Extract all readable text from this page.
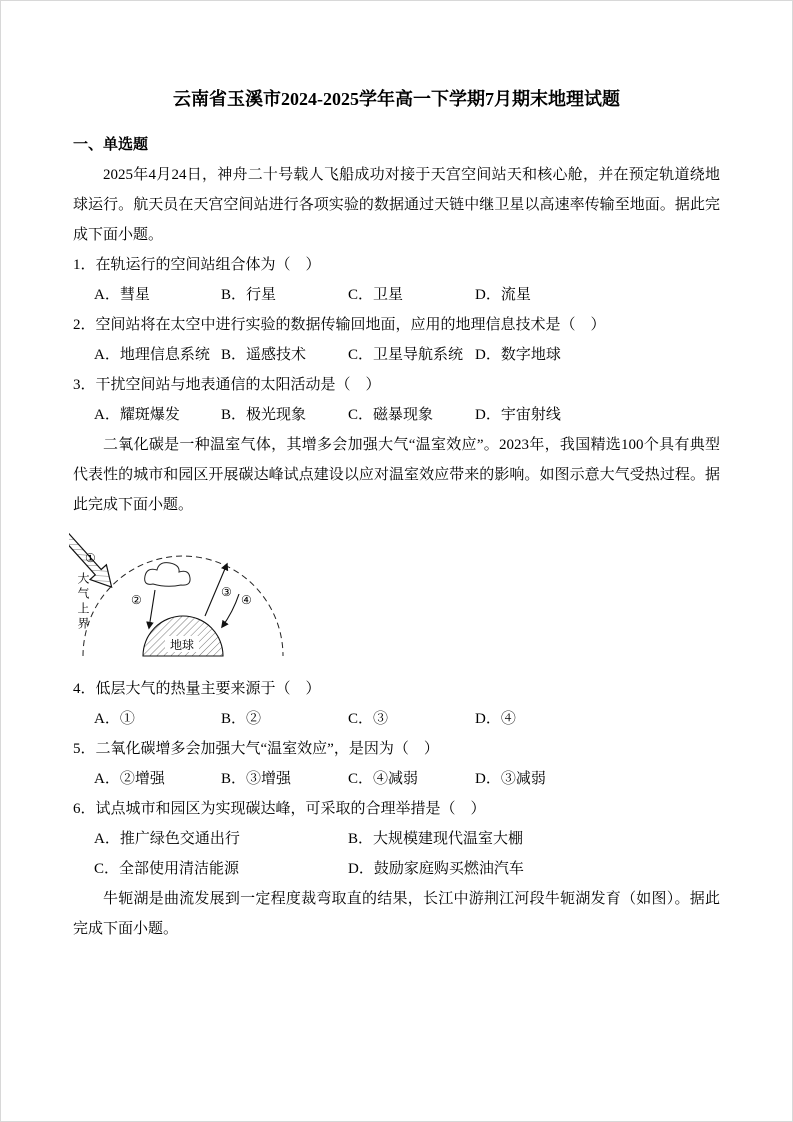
云南省玉溪市2024-2025学年高一下学期7月期末地理试题

一、单选题

2025年4月24日，神舟二十号载人飞船成功对接于天宫空间站天和核心舱，并在预定轨道绕地球运行。航天员在天宫空间站进行各项实验的数据通过天链中继卫星以高速率传输至地面。据此完成下面小题。

1．在轨运行的空间站组合体为（　）

A．彗星	B．行星	C．卫星	D．流星

2．空间站将在太空中进行实验的数据传输回地面，应用的地理信息技术是（　）

A．地理信息系统 B．遥感技术	C．卫星导航系统 D．数字地球

3．干扰空间站与地表通信的太阳活动是（　）

A．耀斑爆发	B．极光现象	C．磁暴现象	D．宇宙射线

二氧化碳是一种温室气体，其增多会加强大气“温室效应”。2023年，我国精选100个具有典型代表性的城市和园区开展碳达峰试点建设以应对温室效应带来的影响。如图示意大气受热过程。据此完成下面小题。

大气上界
①
②
③
④
地球

4．低层大气的热量主要来源于（　）

A．①	B．②	C．③	D．④

5．二氧化碳增多会加强大气“温室效应”，是因为（　）

A．②增强	B．③增强	C．④减弱	D．③减弱

6．试点城市和园区为实现碳达峰，可采取的合理举措是（　）

A．推广绿色交通出行	B．大规模建现代温室大棚
C．全部使用清洁能源	D．鼓励家庭购买燃油汽车

牛轭湖是曲流发展到一定程度裁弯取直的结果，长江中游荆江河段牛轭湖发育（如图）。据此完成下面小题。
